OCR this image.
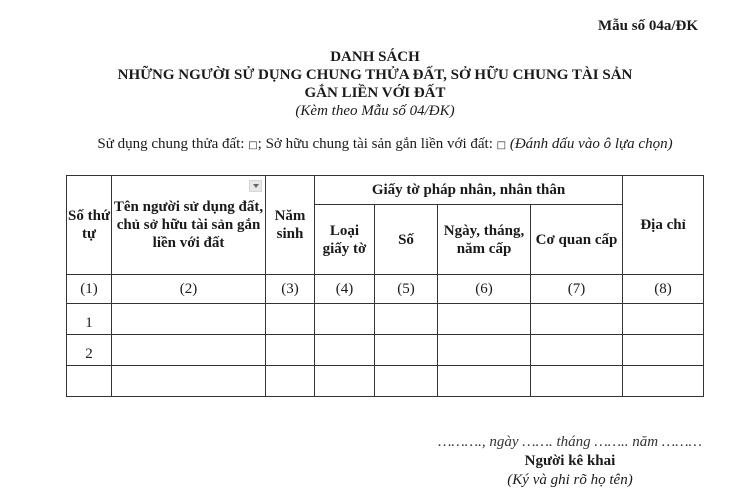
Mẫu số 04a/ĐK
DANH SÁCH
NHỮNG NGƯỜI SỬ DỤNG CHUNG THỬA ĐẤT, SỞ HỮU CHUNG TÀI SẢN
GẮN LIỀN VỚI ĐẤT
(Kèm theo Mẫu số 04/ĐK)
Sử dụng chung thửa đất: □; Sở hữu chung tài sản gắn liền với đất: □ (Đánh dấu vào ô lựa chọn)
Số thứ tự	Tên người sử dụng đất, chủ sở hữu tài sản gắn liền với đất	Năm sinh	Giấy tờ pháp nhân, nhân thân				Địa chỉ
			Loại giấy tờ	Số	Ngày, tháng, năm cấp	Cơ quan cấp	
(1)	(2)	(3)	(4)	(5)	(6)	(7)	(8)
1							
2							

………., ngày ……. tháng …….. năm ………
Người kê khai
(Ký và ghi rõ họ tên)
